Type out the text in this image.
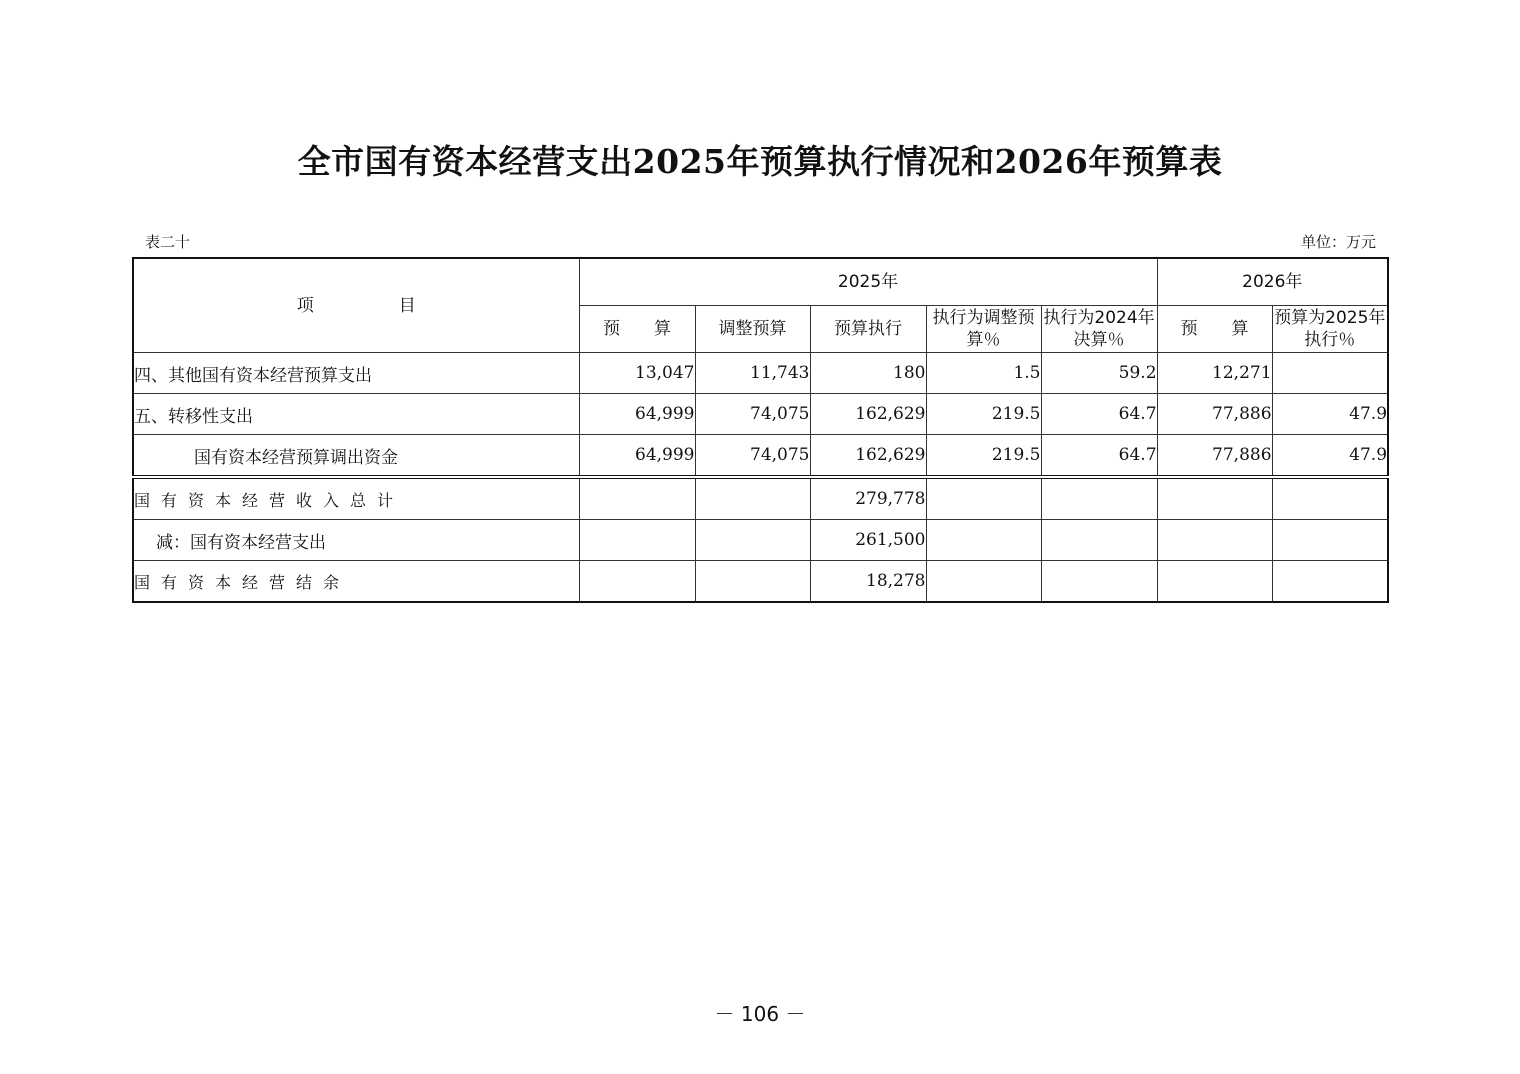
全市国有资本经营支出2025年预算执行情况和2026年预算表
表二十	单位：万元
项　　　　　目	2025年					2026年	
	预　　算	调整预算	预算执行	执行为调整预算％	执行为2024年决算％	预　　算	预算为2025年执行％
四、其他国有资本经营预算支出	13,047	11,743	180	1.5	59.2	12,271	
五、转移性支出	64,999	74,075	162,629	219.5	64.7	77,886	47.9
国有资本经营预算调出资金	64,999	74,075	162,629	219.5	64.7	77,886	47.9
国有资本经营收入总计			279,778				
减：国有资本经营支出			261,500				
国有资本经营结余			18,278				
－ 106 －
